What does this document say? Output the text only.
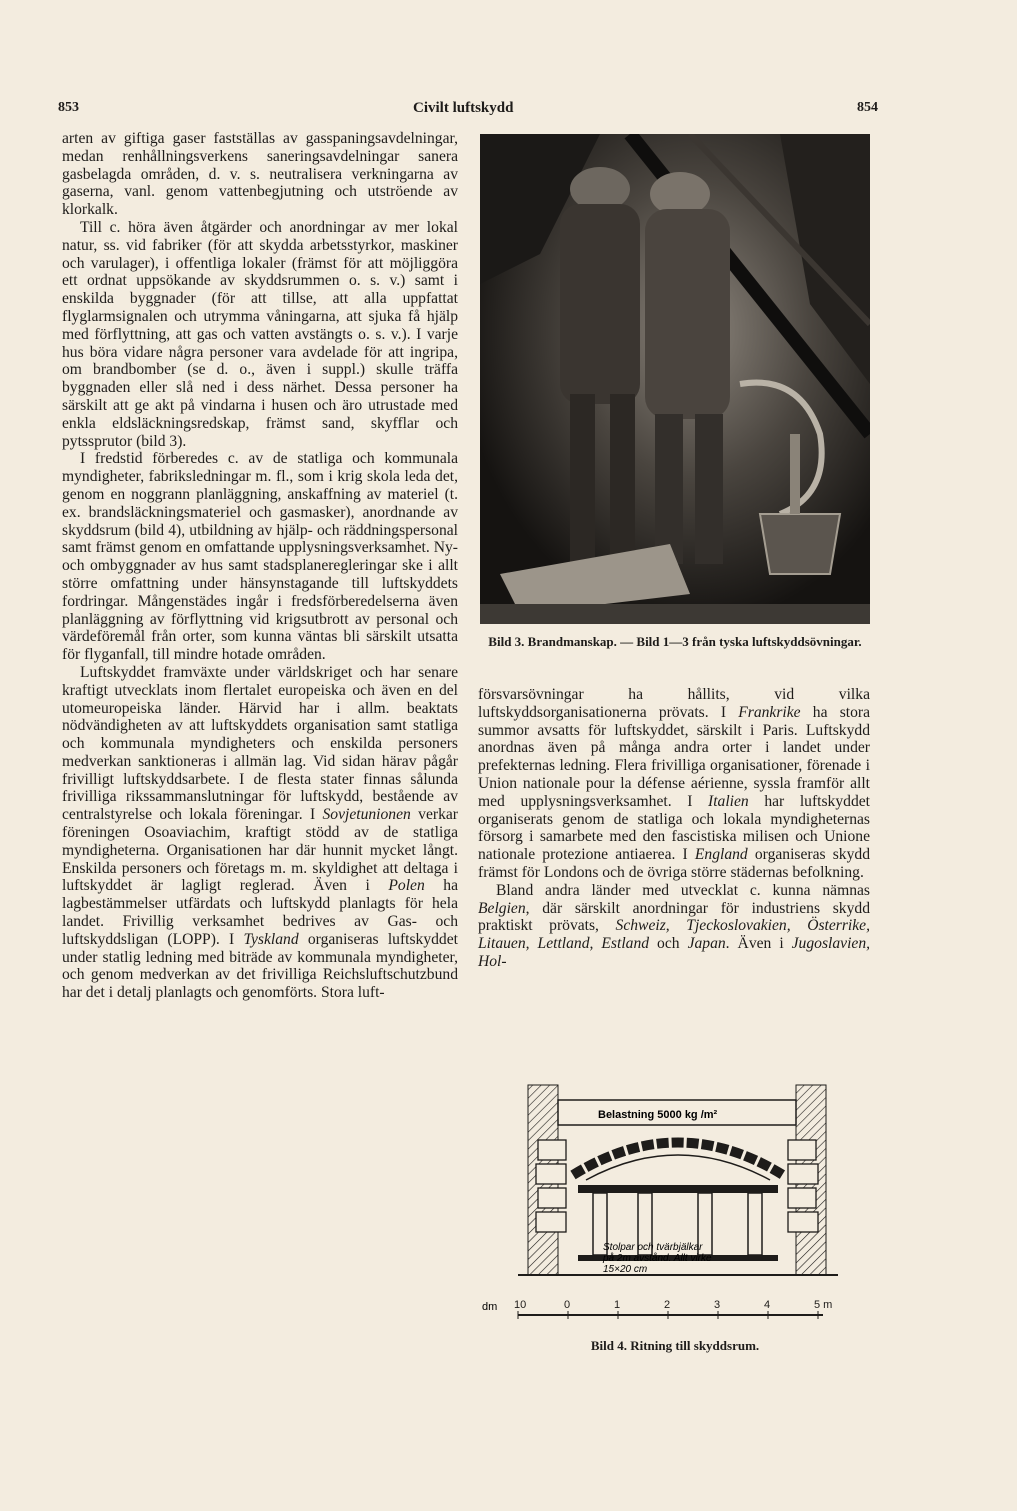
853	Civilt luftskydd	854

arten av giftiga gaser fastställas av gasspaningsavdelningar, medan renhållningsverkens saneringsavdelningar sanera gasbelagda områden, d. v. s. neutralisera verkningarna av gaserna, vanl. genom vattenbegjutning och utströende av klorkalk.

Till c. höra även åtgärder och anordningar av mer lokal natur, ss. vid fabriker (för att skydda arbetsstyrkor, maskiner och varulager), i offentliga lokaler (främst för att möjliggöra ett ordnat uppsökande av skyddsrummen o. s. v.) samt i enskilda byggnader (för att tillse, att alla uppfattat flyglarmsignalen och utrymma våningarna, att sjuka få hjälp med förflyttning, att gas och vatten avstängts o. s. v.). I varje hus böra vidare några personer vara avdelade för att ingripa, om brandbomber (se d. o., även i suppl.) skulle träffa byggnaden eller slå ned i dess närhet. Dessa personer ha särskilt att ge akt på vindarna i husen och äro utrustade med enkla eldsläckningsredskap, främst sand, skyfflar och pytssprutor (bild 3).

I fredstid förberedes c. av de statliga och kommunala myndigheter, fabriksledningar m. fl., som i krig skola leda det, genom en noggrann planläggning, anskaffning av materiel (t. ex. brandsläckningsmateriel och gasmasker), anordnande av skyddsrum (bild 4), utbildning av hjälp- och räddningspersonal samt främst genom en omfattande upplysningsverksamhet. Ny- och ombyggnader av hus samt stadsplaneregleringar ske i allt större omfattning under hänsynstagande till luftskyddets fordringar. Mångenstädes ingår i fredsförberedelserna även planläggning av förflyttning vid krigsutbrott av personal och värdeföremål från orter, som kunna väntas bli särskilt utsatta för flyganfall, till mindre hotade områden.

Luftskyddet framväxte under världskriget och har senare kraftigt utvecklats inom flertalet europeiska och även en del utomeuropeiska länder. Härvid har i allm. beaktats nödvändigheten av att luftskyddets organisation samt statliga och kommunala myndigheters och enskilda personers medverkan sanktioneras i allmän lag. Vid sidan härav pågår frivilligt luftskyddsarbete. I de flesta stater finnas sålunda frivilliga rikssammanslutningar för luftskydd, bestående av centralstyrelse och lokala föreningar. I Sovjetunionen verkar föreningen Osoaviachim, kraftigt stödd av de statliga myndigheterna. Organisationen har där hunnit mycket långt. Enskilda personers och företags m. m. skyldighet att deltaga i luftskyddet är lagligt reglerad. Även i Polen ha lagbestämmelser utfärdats och luftskydd planlagts för hela landet. Frivillig verksamhet bedrives av Gas- och luftskyddsligan (LOPP). I Tyskland organiseras luftskyddet under statlig ledning med biträde av kommunala myndigheter, och genom medverkan av det frivilliga Reichsluftschutzbund har det i detalj planlagts och genomförts. Stora luft-

Bild 3. Brandmanskap. — Bild 1—3 från tyska luftskyddsövningar.

försvarsövningar ha hållits, vid vilka luftskyddsorganisationerna prövats. I Frankrike ha stora summor avsatts för luftskyddet, särskilt i Paris. Luftskydd anordnas även på många andra orter i landet under prefekternas ledning. Flera frivilliga organisationer, förenade i Union nationale pour la défense aérienne, syssla framför allt med upplysningsverksamhet. I Italien har luftskyddet organiserats genom de statliga och lokala myndigheternas försorg i samarbete med den fascistiska milisen och Unione nationale protezione antiaerea. I England organiseras skydd främst för Londons och de övriga större städernas befolkning.

Bland andra länder med utvecklat c. kunna nämnas Belgien, där särskilt anordningar för industriens skydd praktiskt prövats, Schweiz, Tjeckoslovakien, Österrike, Litauen, Lettland, Estland och Japan. Även i Jugoslavien, Hol-

Belastning 5000 kg /m²
Stolpar och tvärbjälkar
på 2m avstånd. Allt virke
15×20 cm
dm 10	0	1	2	3	4	5 m
Bild 4. Ritning till skyddsrum.
